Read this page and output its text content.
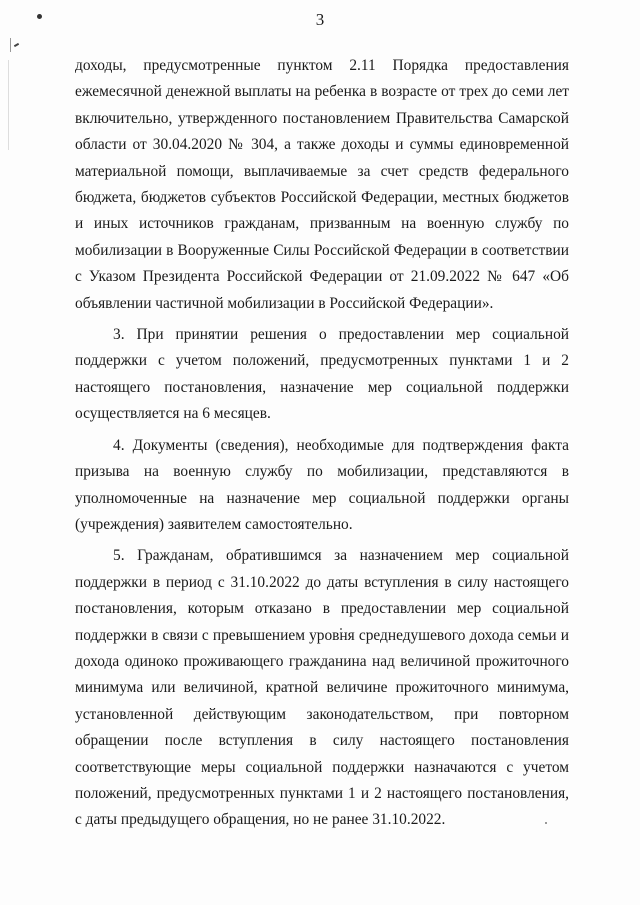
3

доходы, предусмотренные пунктом 2.11 Порядка предоставления ежемесячной денежной выплаты на ребенка в возрасте от трех до семи лет включительно, утвержденного постановлением Правительства Самарской области от 30.04.2020 № 304, а также доходы и суммы единовременной материальной помощи, выплачиваемые за счет средств федерального бюджета, бюджетов субъектов Российской Федерации, местных бюджетов и иных источников гражданам, призванным на военную службу по мобилизации в Вооруженные Силы Российской Федерации в соответствии с Указом Президента Российской Федерации от 21.09.2022 № 647 «Об объявлении частичной мобилизации в Российской Федерации».

3. При принятии решения о предоставлении мер социальной поддержки с учетом положений, предусмотренных пунктами 1 и 2 настоящего постановления, назначение мер социальной поддержки осуществляется на 6 месяцев.

4. Документы (сведения), необходимые для подтверждения факта призыва на военную службу по мобилизации, представляются в уполномоченные на назначение мер социальной поддержки органы (учреждения) заявителем самостоятельно.

5. Гражданам, обратившимся за назначением мер социальной поддержки в период с 31.10.2022 до даты вступления в силу настоящего постановления, которым отказано в предоставлении мер социальной поддержки в связи с превышением уровня среднедушевого дохода семьи и дохода одиноко проживающего гражданина над величиной прожиточного минимума или величиной, кратной величине прожиточного минимума, установленной действующим законодательством, при повторном обращении после вступления в силу настоящего постановления соответствующие меры социальной поддержки назначаются с учетом положений, предусмотренных пунктами 1 и 2 настоящего постановления, с даты предыдущего обращения, но не ранее 31.10.2022.
